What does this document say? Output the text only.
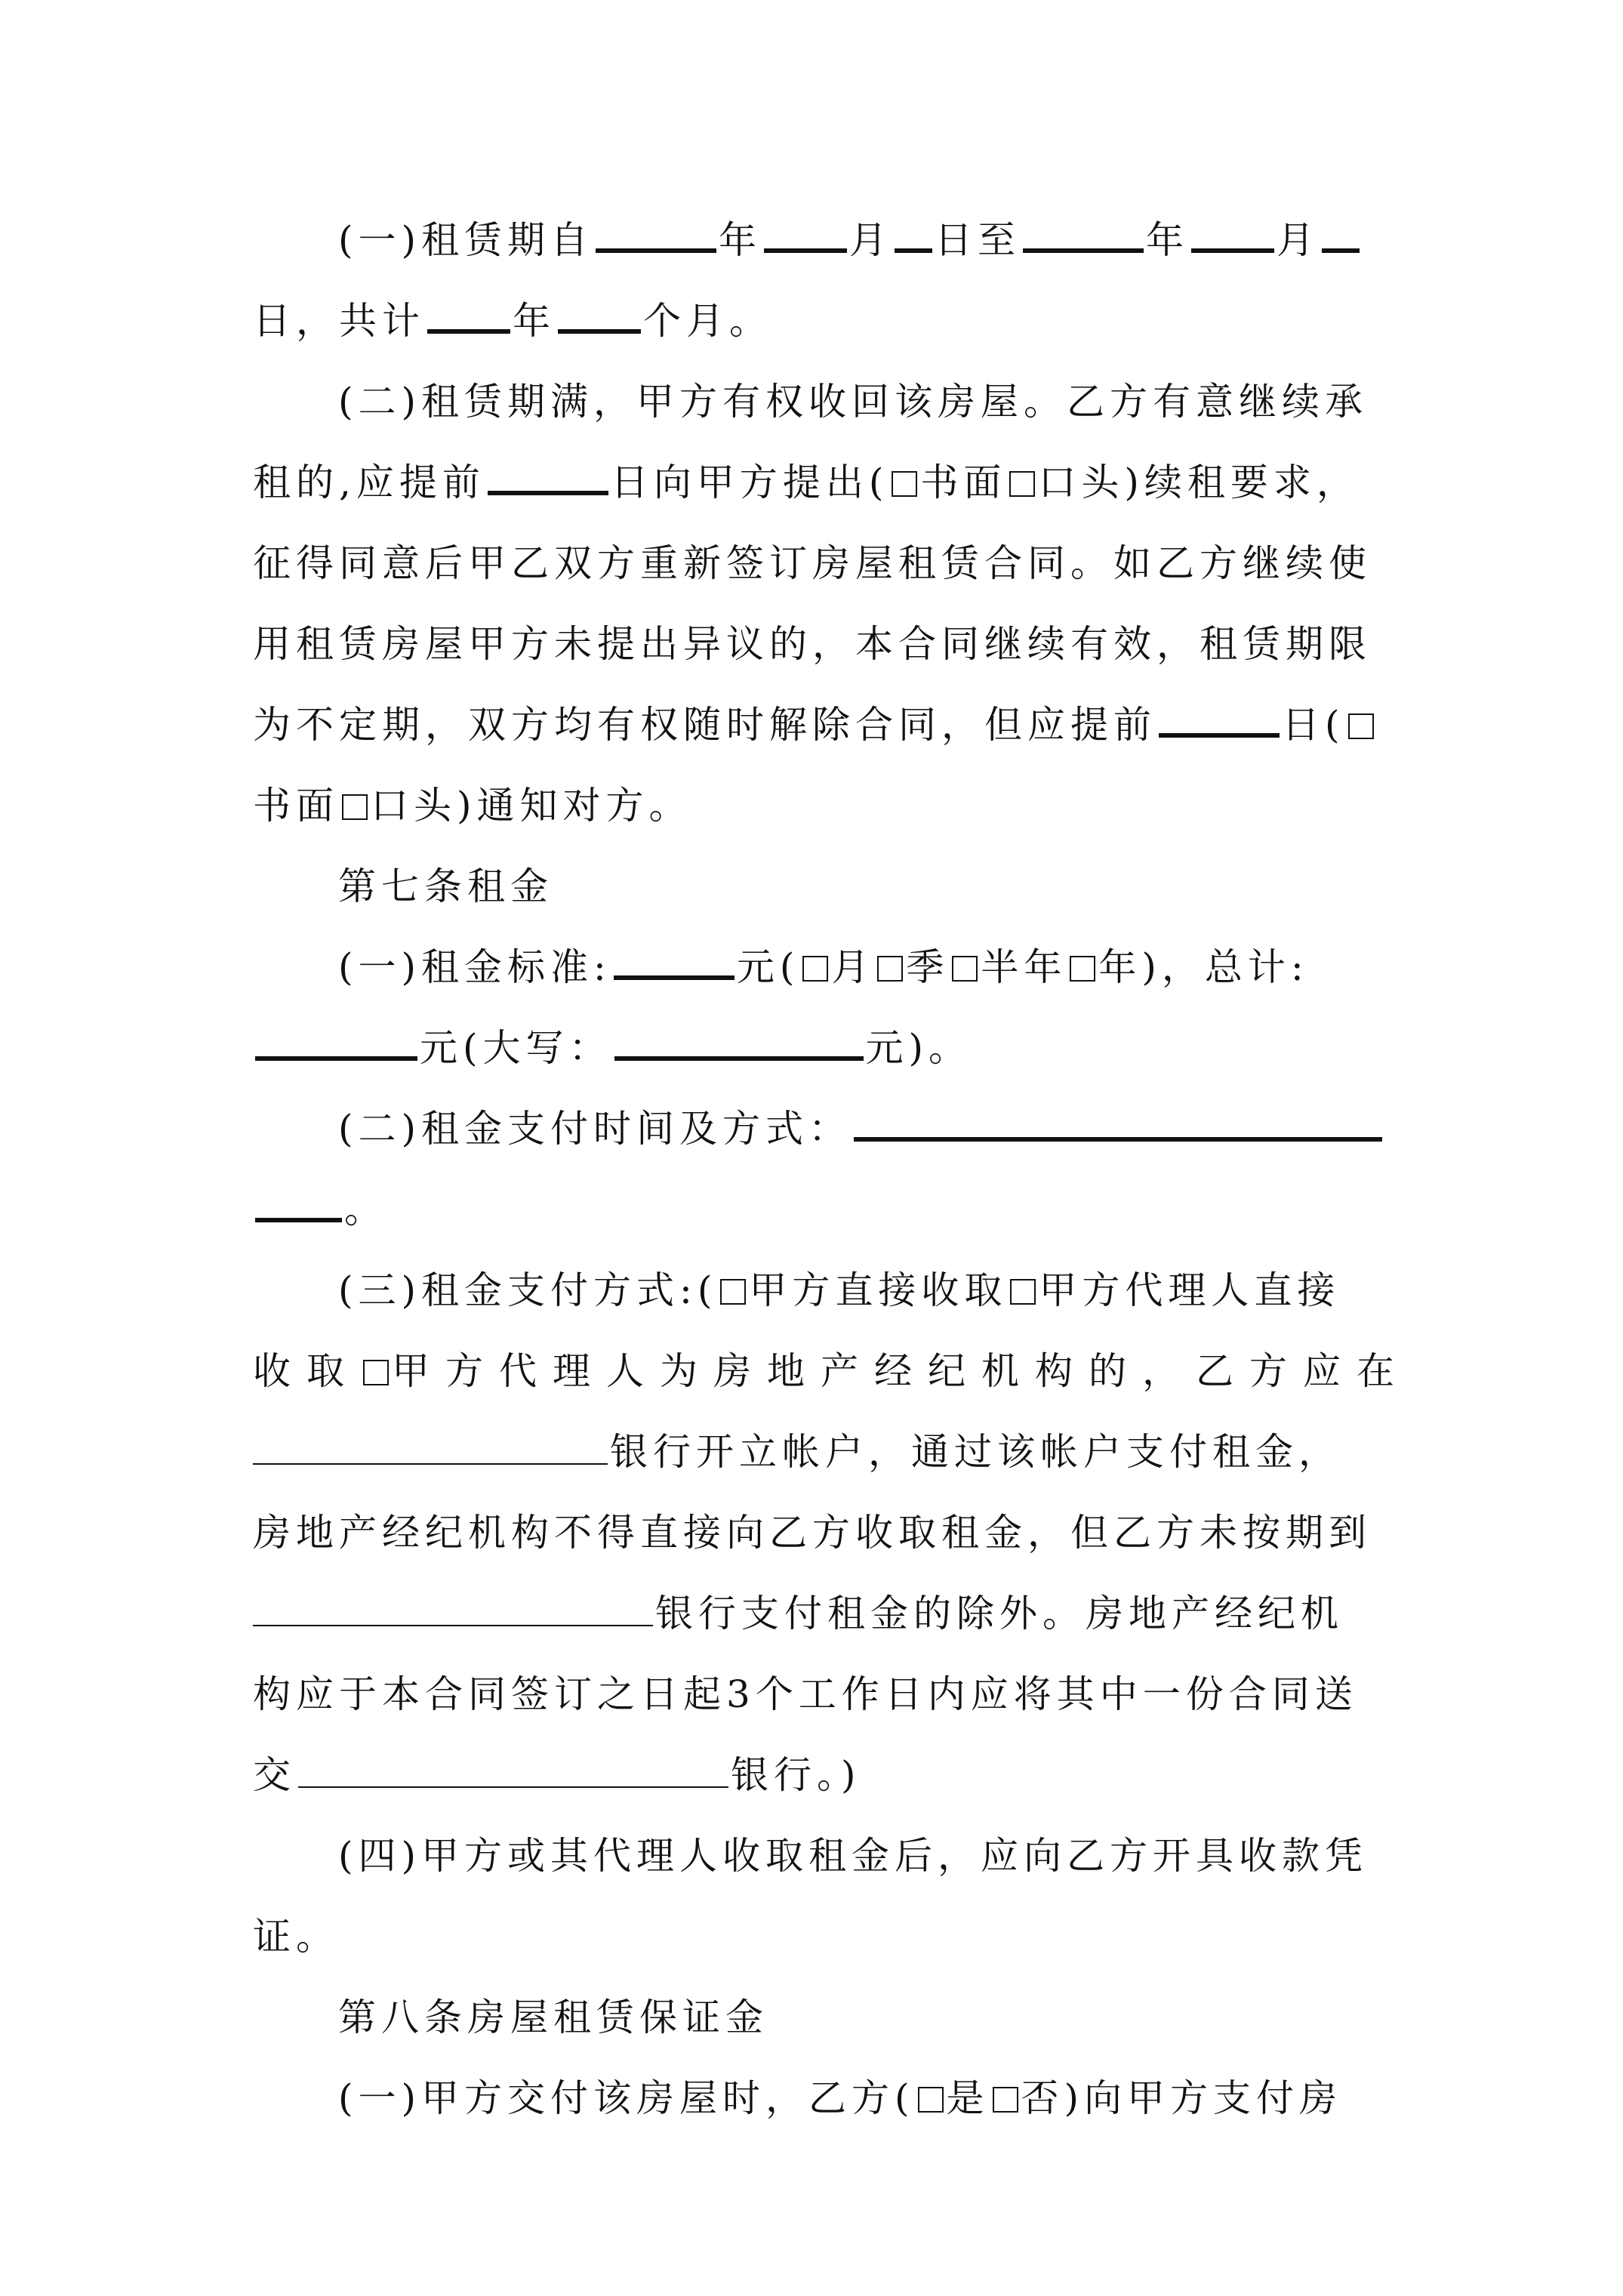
(一)租赁期自	年 月 日至	年 月
日，共计 年 个月。
(二)租赁期满，甲方有权收回该房屋。乙方有意继续承
租的,应提前	日向甲方提出( 书面 口头)续租要求，
征得同意后甲乙双方重新签订房屋租赁合同。如乙方继续使
用租赁房屋甲方未提出异议的，本合同继续有效，租赁期限
为不定期，双方均有权随时解除合同，但应提前	日(
书面 口头)通知对方。
第七条租金
(一)租金标准:	元( 月 季 半年 年)，总计:
元(大写：	元)。
(二)租金支付时间及方式：
。
(三)租金支付方式:( 甲方直接收取 甲方代理人直接
收取 甲方代理人为房地产经纪机构的，乙方应在
银行开立帐户，通过该帐户支付租金，
房地产经纪机构不得直接向乙方收取租金，但乙方未按期到
银行支付租金的除外。房地产经纪机
构应于本合同签订之日起3个工作日内应将其中一份合同送
交	银行。)
(四)甲方或其代理人收取租金后，应向乙方开具收款凭
证。
第八条房屋租赁保证金
(一)甲方交付该房屋时，乙方( 是 否)向甲方支付房
